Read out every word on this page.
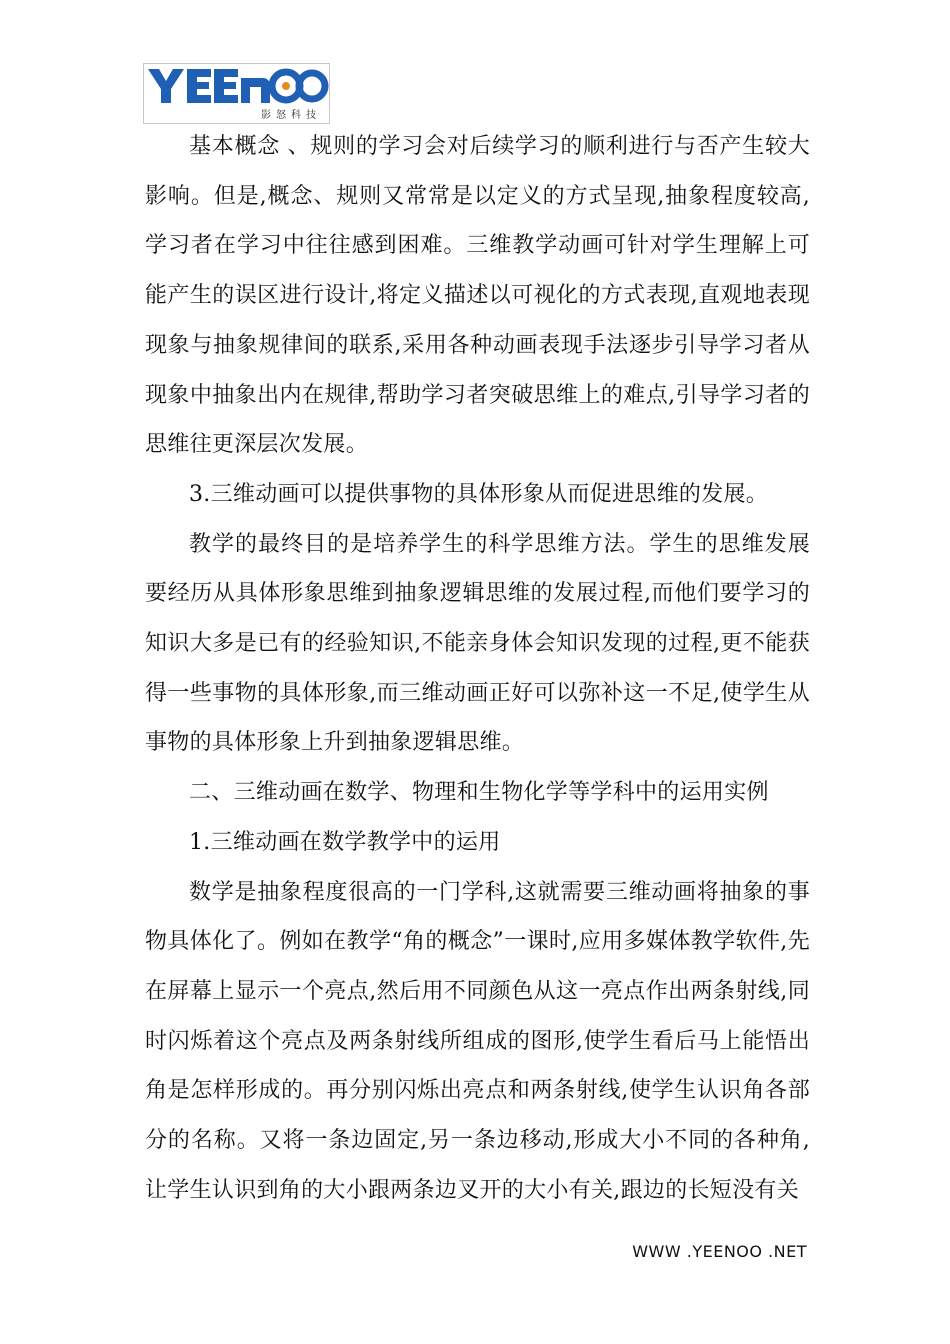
影怒科技

基本概念 、规则的学习会对后续学习的顺利进行与否产生较大影响。但是,概念、规则又常常是以定义的方式呈现,抽象程度较高,学习者在学习中往往感到困难。三维教学动画可针对学生理解上可能产生的误区进行设计,将定义描述以可视化的方式表现,直观地表现现象与抽象规律间的联系,采用各种动画表现手法逐步引导学习者从现象中抽象出内在规律,帮助学习者突破思维上的难点,引导学习者的思维往更深层次发展。

3.三维动画可以提供事物的具体形象从而促进思维的发展。

教学的最终目的是培养学生的科学思维方法。学生的思维发展要经历从具体形象思维到抽象逻辑思维的发展过程,而他们要学习的知识大多是已有的经验知识,不能亲身体会知识发现的过程,更不能获得一些事物的具体形象,而三维动画正好可以弥补这一不足,使学生从事物的具体形象上升到抽象逻辑思维。

二、三维动画在数学、物理和生物化学等学科中的运用实例

1.三维动画在数学教学中的运用

数学是抽象程度很高的一门学科,这就需要三维动画将抽象的事物具体化了。例如在教学“角的概念”一课时,应用多媒体教学软件,先在屏幕上显示一个亮点,然后用不同颜色从这一亮点作出两条射线,同时闪烁着这个亮点及两条射线所组成的图形,使学生看后马上能悟出角是怎样形成的。再分别闪烁出亮点和两条射线,使学生认识角各部分的名称。又将一条边固定,另一条边移动,形成大小不同的各种角,让学生认识到角的大小跟两条边叉开的大小有关,跟边的长短没有关

WWW .YEENOO .NET
